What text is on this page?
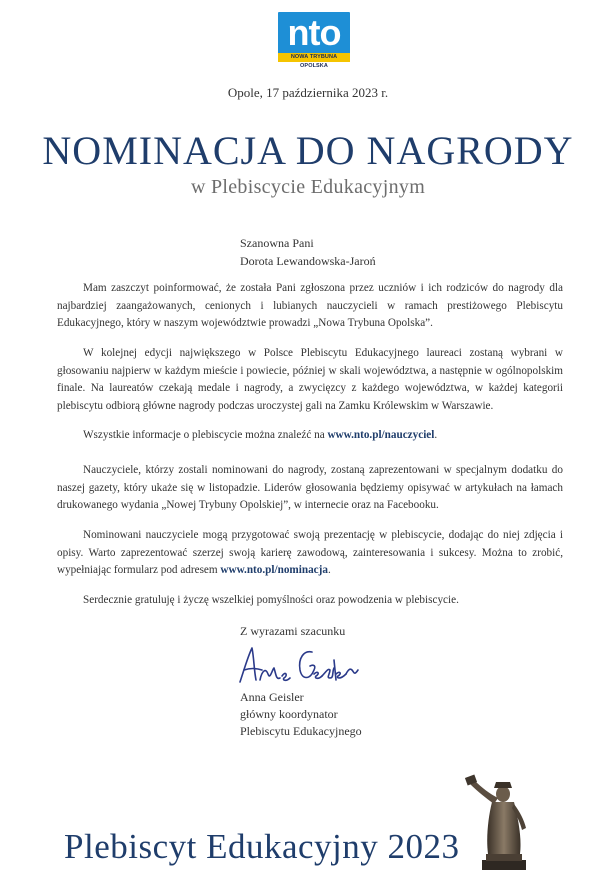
nto
NOWA TRYBUNA OPOLSKA
Opole, 17 października 2023 r.
NOMINACJA DO NAGRODY
w Plebiscycie Edukacyjnym
Szanowna Pani
Dorota Lewandowska-Jaroń

Mam zaszczyt poinformować, że została Pani zgłoszona przez uczniów i ich rodziców do nagrody dla najbardziej zaangażowanych, cenionych i lubianych nauczycieli w ramach prestiżowego Plebiscytu Edukacyjnego, który w naszym województwie prowadzi „Nowa Trybuna Opolska”.

W kolejnej edycji największego w Polsce Plebiscytu Edukacyjnego laureaci zostaną wybrani w głosowaniu najpierw w każdym mieście i powiecie, później w skali województwa, a następnie w ogólnopolskim finale. Na laureatów czekają medale i nagrody, a zwycięzcy z każdego województwa, w każdej kategorii plebiscytu odbiorą główne nagrody podczas uroczystej gali na Zamku Królewskim w Warszawie.

Wszystkie informacje o plebiscycie można znaleźć na www.nto.pl/nauczyciel.

Nauczyciele, którzy zostali nominowani do nagrody, zostaną zaprezentowani w specjalnym dodatku do naszej gazety, który ukaże się w listopadzie. Liderów głosowania będziemy opisywać w artykułach na łamach drukowanego wydania „Nowej Trybuny Opolskiej”, w internecie oraz na Facebooku.

Nominowani nauczyciele mogą przygotować swoją prezentację w plebiscycie, dodając do niej zdjęcia i opisy. Warto zaprezentować szerzej swoją karierę zawodową, zainteresowania i sukcesy. Można to zrobić, wypełniając formularz pod adresem www.nto.pl/nominacja.

Serdecznie gratuluję i życzę wszelkiej pomyślności oraz powodzenia w plebiscycie.

Z wyrazami szacunku
Anna Geisler
główny koordynator
Plebiscytu Edukacyjnego
Plebiscyt Edukacyjny 2023
